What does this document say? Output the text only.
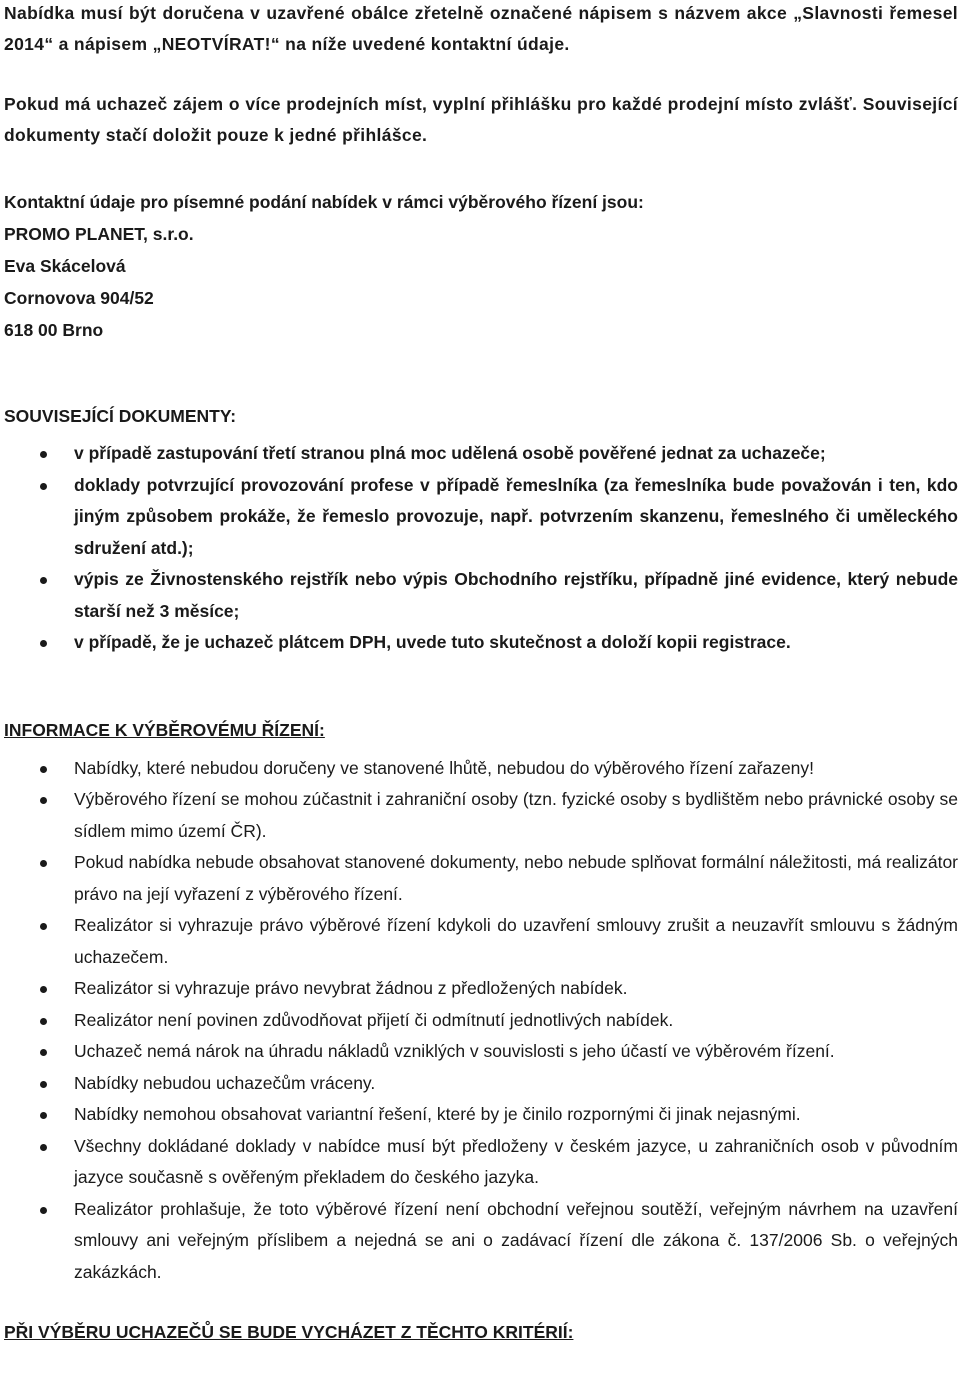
Nabídka musí být doručena v uzavřené obálce zřetelně označené nápisem s názvem akce „Slavnosti řemesel 2014“ a nápisem „NEOTVÍRAT!“ na níže uvedené kontaktní údaje.

Pokud má uchazeč zájem o více prodejních míst, vyplní přihlášku pro každé prodejní místo zvlášť. Související dokumenty stačí doložit pouze k jedné přihlášce.

Kontaktní údaje pro písemné podání nabídek v rámci výběrového řízení jsou:

PROMO PLANET, s.r.o.

Eva Skácelová

Cornovova 904/52

618 00 Brno

SOUVISEJÍCÍ DOKUMENTY:

v případě zastupování třetí stranou plná moc udělená osobě pověřené jednat za uchazeče;
doklady potvrzující provozování profese v případě řemeslníka (za řemeslníka bude považován i ten, kdo jiným způsobem prokáže, že řemeslo provozuje, např. potvrzením skanzenu, řemeslného či uměleckého sdružení atd.);
výpis ze Živnostenského rejstřík nebo výpis Obchodního rejstříku, případně jiné evidence, který nebude starší než 3 měsíce;
v případě, že je uchazeč plátcem DPH, uvede tuto skutečnost a doloží kopii registrace.

INFORMACE K VÝBĚROVÉMU ŘÍZENÍ:

Nabídky, které nebudou doručeny ve stanovené lhůtě, nebudou do výběrového řízení zařazeny!
Výběrového řízení se mohou zúčastnit i zahraniční osoby (tzn. fyzické osoby s bydlištěm nebo právnické osoby se sídlem mimo území ČR).
Pokud nabídka nebude obsahovat stanovené dokumenty, nebo nebude splňovat formální náležitosti, má realizátor právo na její vyřazení z výběrového řízení.
Realizátor si vyhrazuje právo výběrové řízení kdykoli do uzavření smlouvy zrušit a neuzavřít smlouvu s žádným uchazečem.
Realizátor si vyhrazuje právo nevybrat žádnou z předložených nabídek.
Realizátor není povinen zdůvodňovat přijetí či odmítnutí jednotlivých nabídek.
Uchazeč nemá nárok na úhradu nákladů vzniklých v souvislosti s jeho účastí ve výběrovém řízení.
Nabídky nebudou uchazečům vráceny.
Nabídky nemohou obsahovat variantní řešení, které by je činilo rozpornými či jinak nejasnými.
Všechny dokládané doklady v nabídce musí být předloženy v českém jazyce, u zahraničních osob v původním jazyce současně s ověřeným překladem do českého jazyka.
Realizátor prohlašuje, že toto výběrové řízení není obchodní veřejnou soutěží, veřejným návrhem na uzavření smlouvy ani veřejným příslibem a nejedná se ani o zadávací řízení dle zákona č. 137/2006 Sb. o veřejných zakázkách.

PŘI VÝBĚRU UCHAZEČŮ SE BUDE VYCHÁZET Z TĚCHTO KRITÉRIÍ:
